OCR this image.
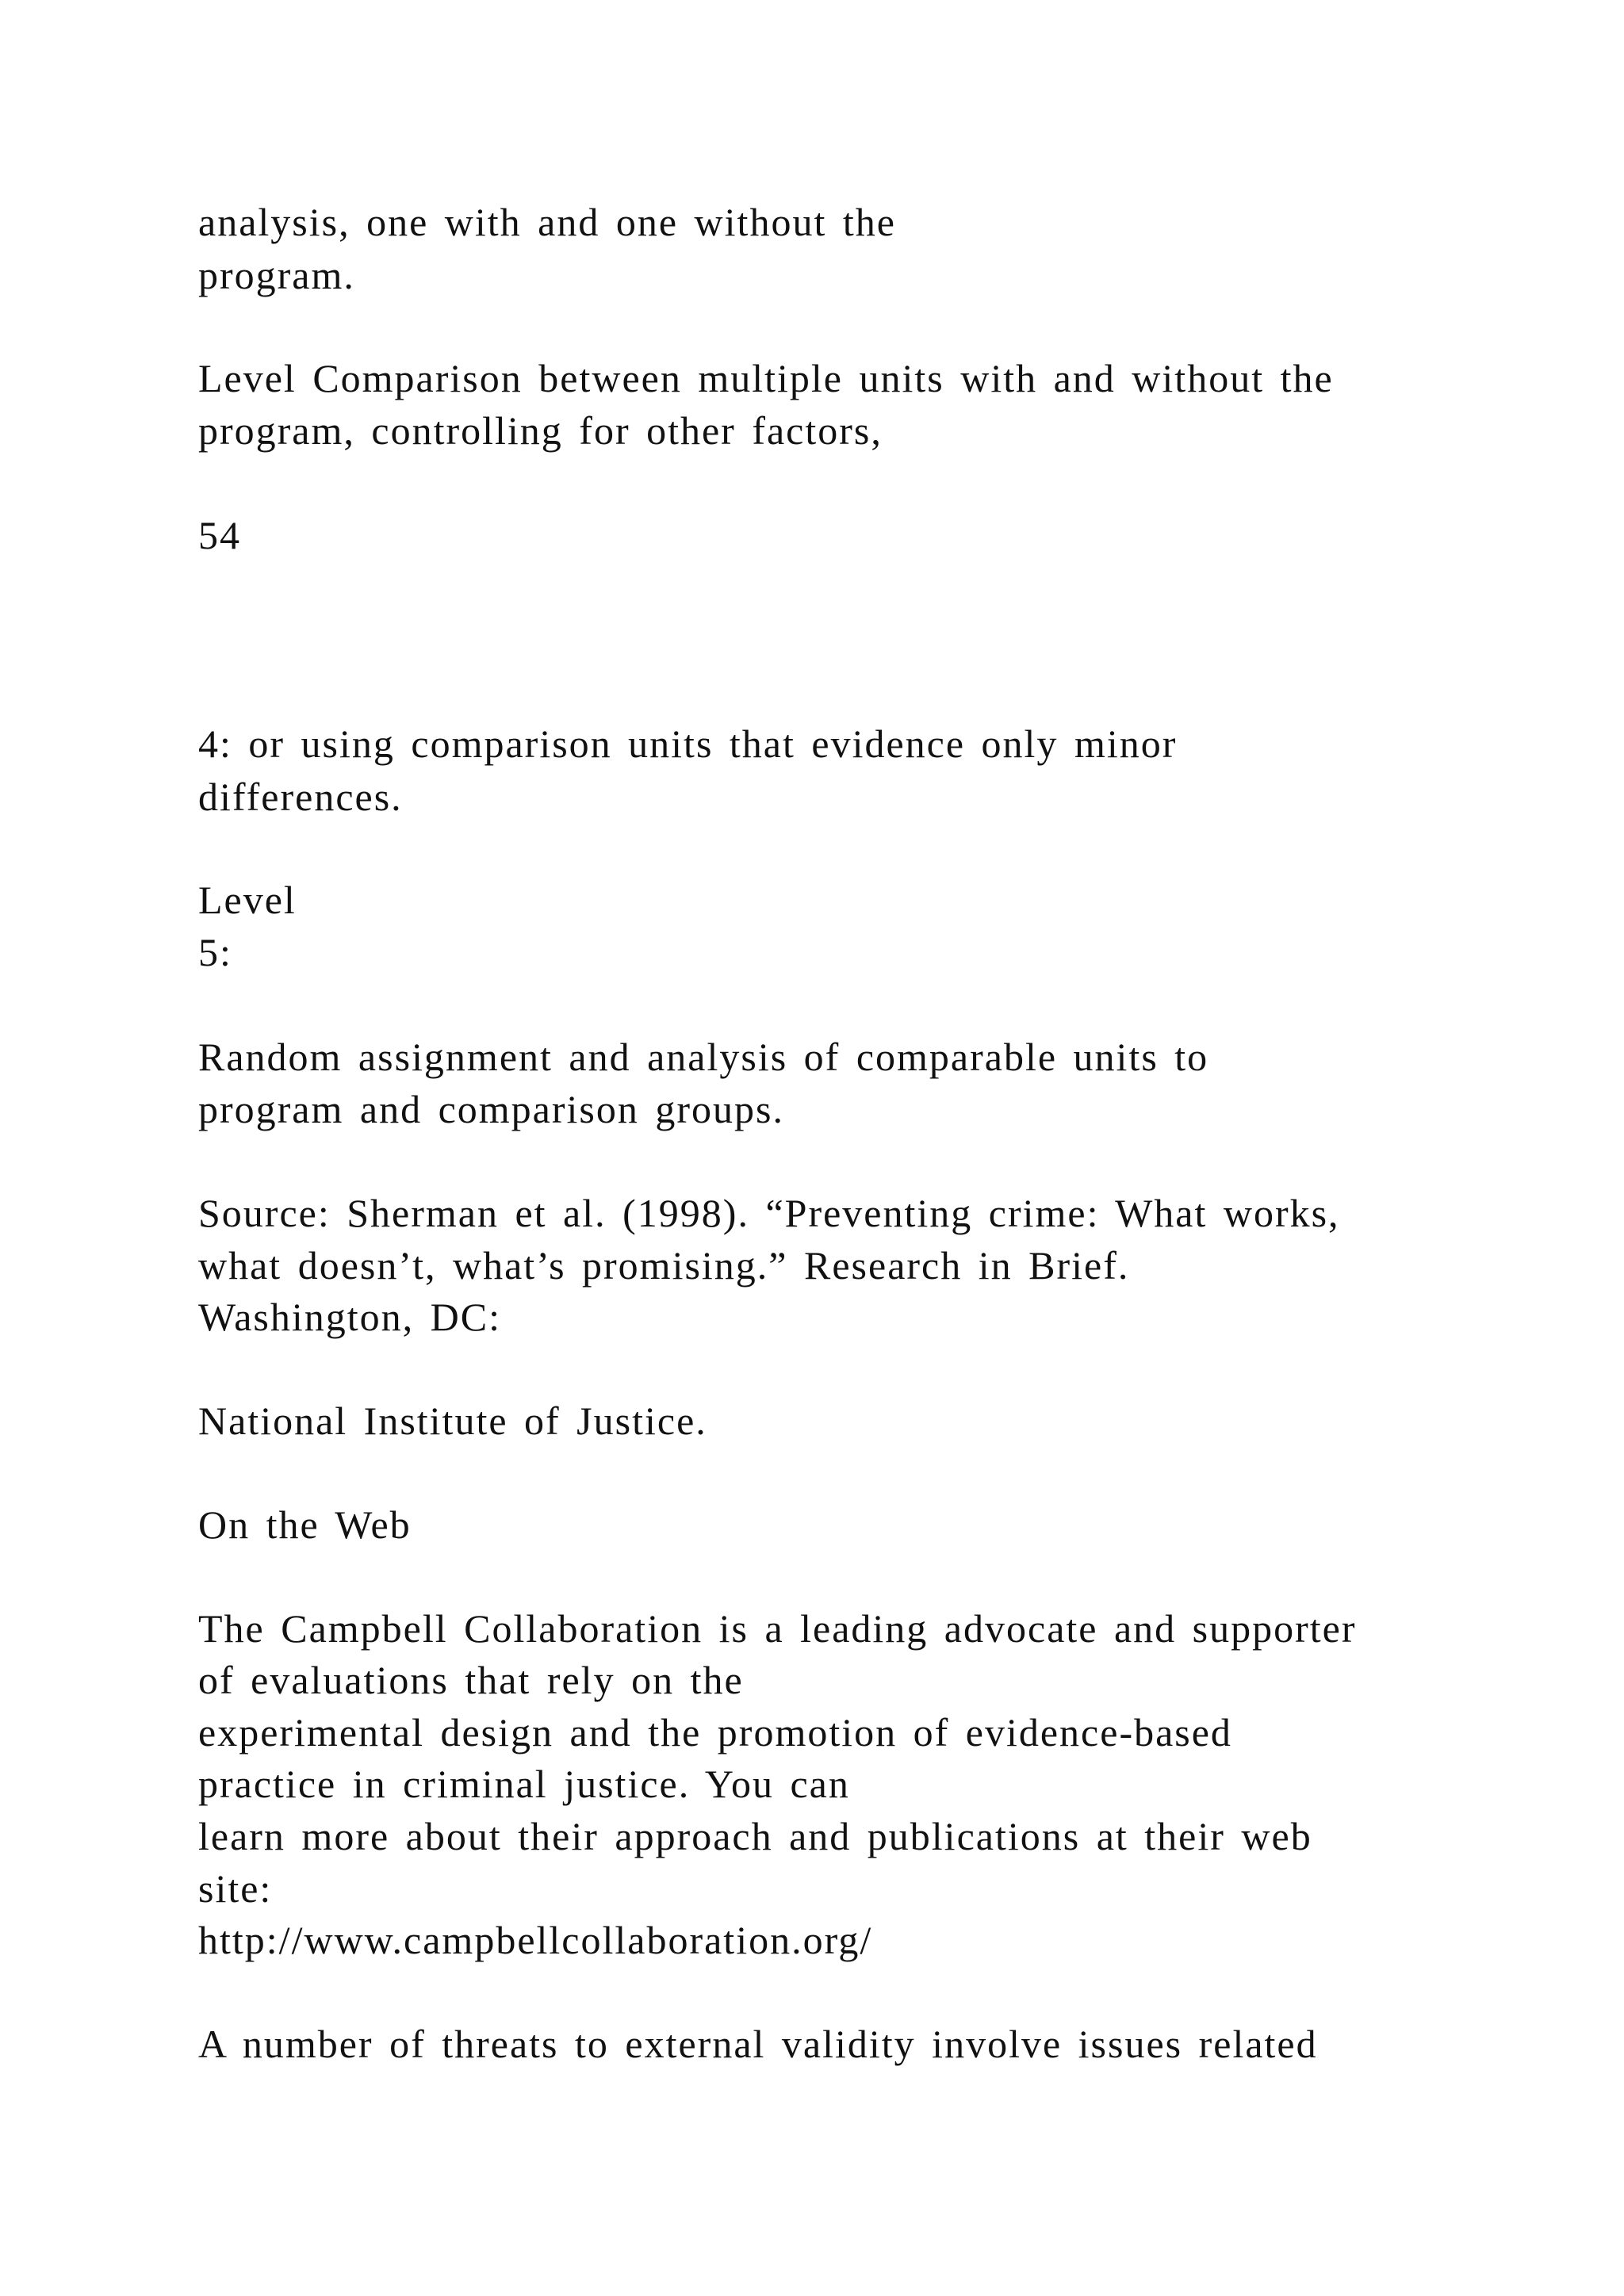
analysis, one with and one without the
program.
Level Comparison between multiple units with and without the
program, controlling for other factors,
54
4: or using comparison units that evidence only minor
differences.
Level
5:
Random assignment and analysis of comparable units to
program and comparison groups.
Source: Sherman et al. (1998). “Preventing crime: What works,
what doesn’t, what’s promising.” Research in Brief.
Washington, DC:
National Institute of Justice.
On the Web
The Campbell Collaboration is a leading advocate and supporter
of evaluations that rely on the
experimental design and the promotion of evidence-based
practice in criminal justice. You can
learn more about their approach and publications at their web
site:
http://www.campbellcollaboration.org/
A number of threats to external validity involve issues related
